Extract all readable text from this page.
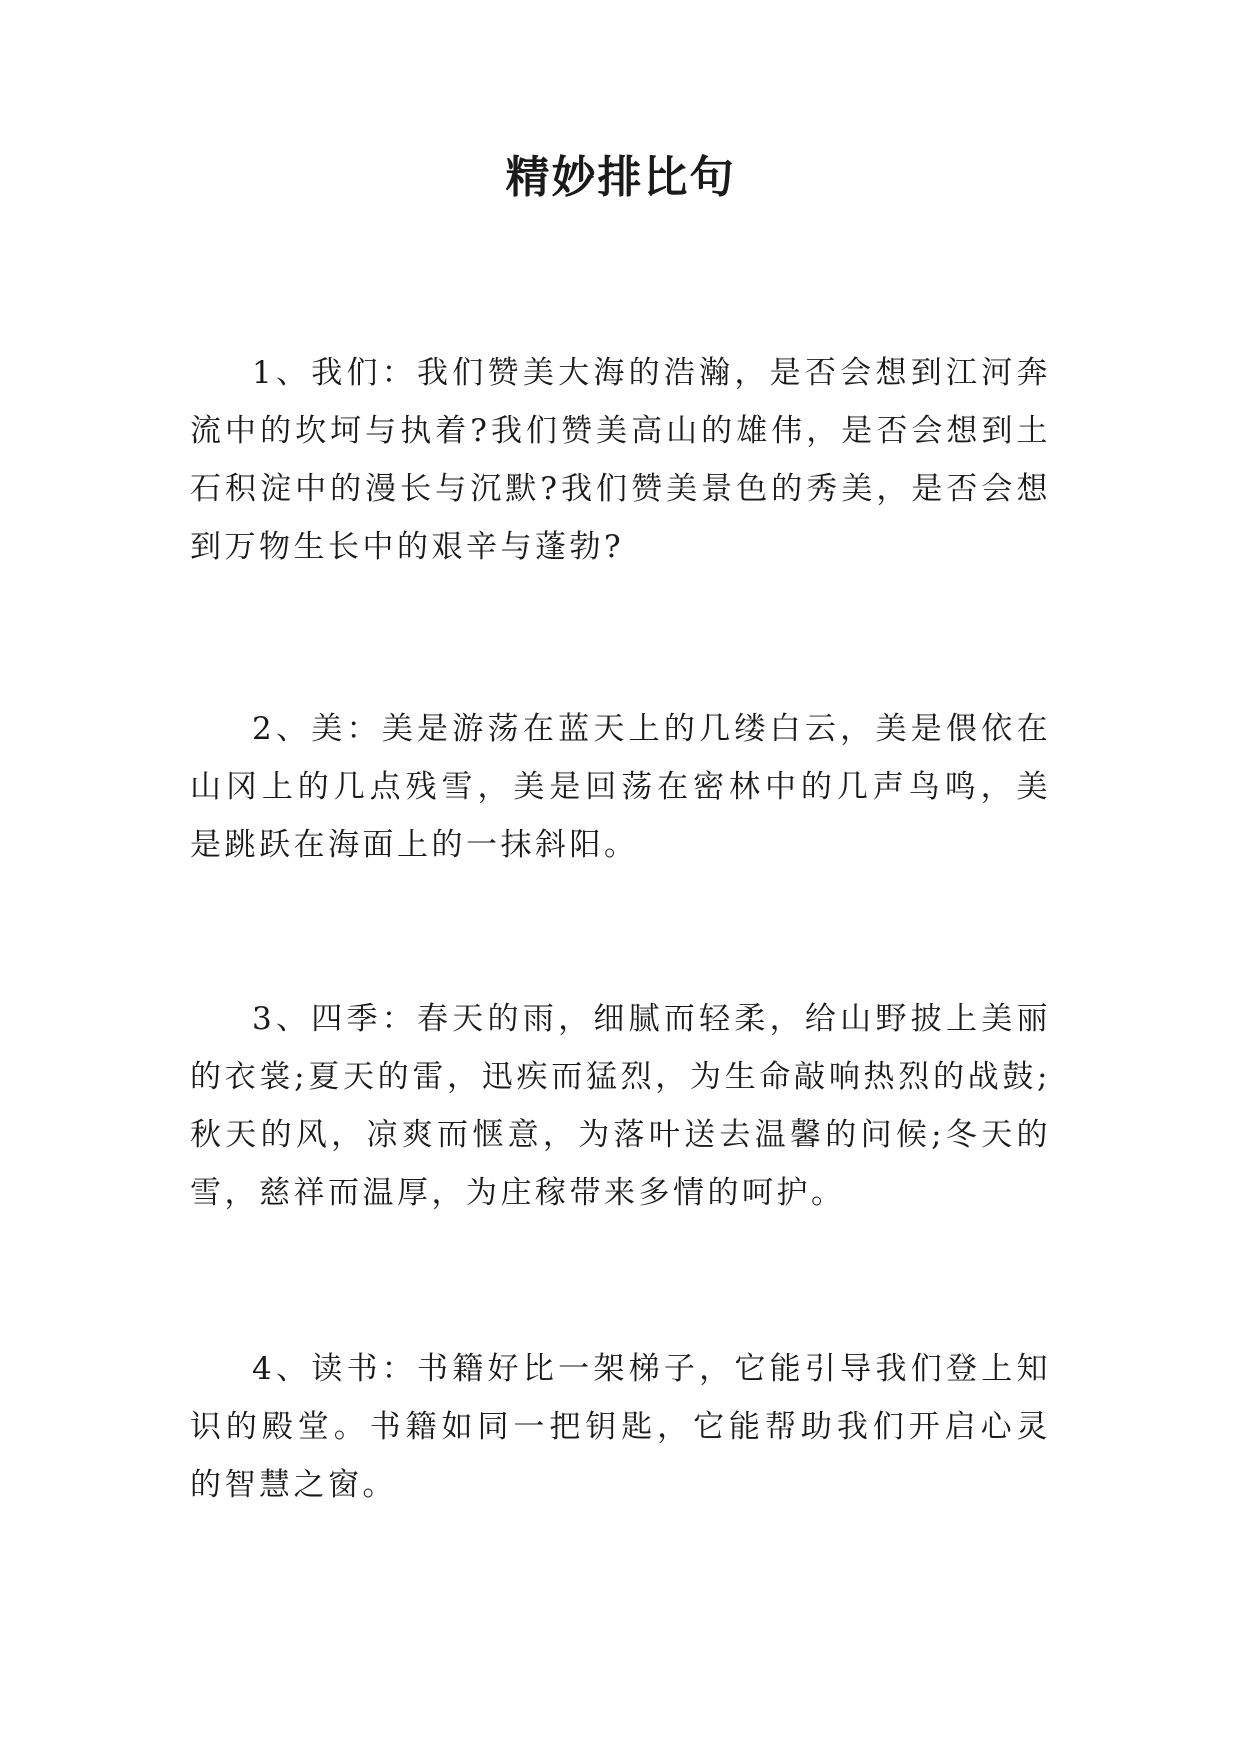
精妙排比句

1、我们：我们赞美大海的浩瀚，是否会想到江河奔流中的坎坷与执着?我们赞美高山的雄伟，是否会想到土石积淀中的漫长与沉默?我们赞美景色的秀美，是否会想到万物生长中的艰辛与蓬勃?

2、美：美是游荡在蓝天上的几缕白云，美是偎依在山冈上的几点残雪，美是回荡在密林中的几声鸟鸣，美是跳跃在海面上的一抹斜阳。

3、四季：春天的雨，细腻而轻柔，给山野披上美丽的衣裳;夏天的雷，迅疾而猛烈，为生命敲响热烈的战鼓;秋天的风，凉爽而惬意，为落叶送去温馨的问候;冬天的雪，慈祥而温厚，为庄稼带来多情的呵护。

4、读书：书籍好比一架梯子，它能引导我们登上知识的殿堂。书籍如同一把钥匙，它能帮助我们开启心灵的智慧之窗。
